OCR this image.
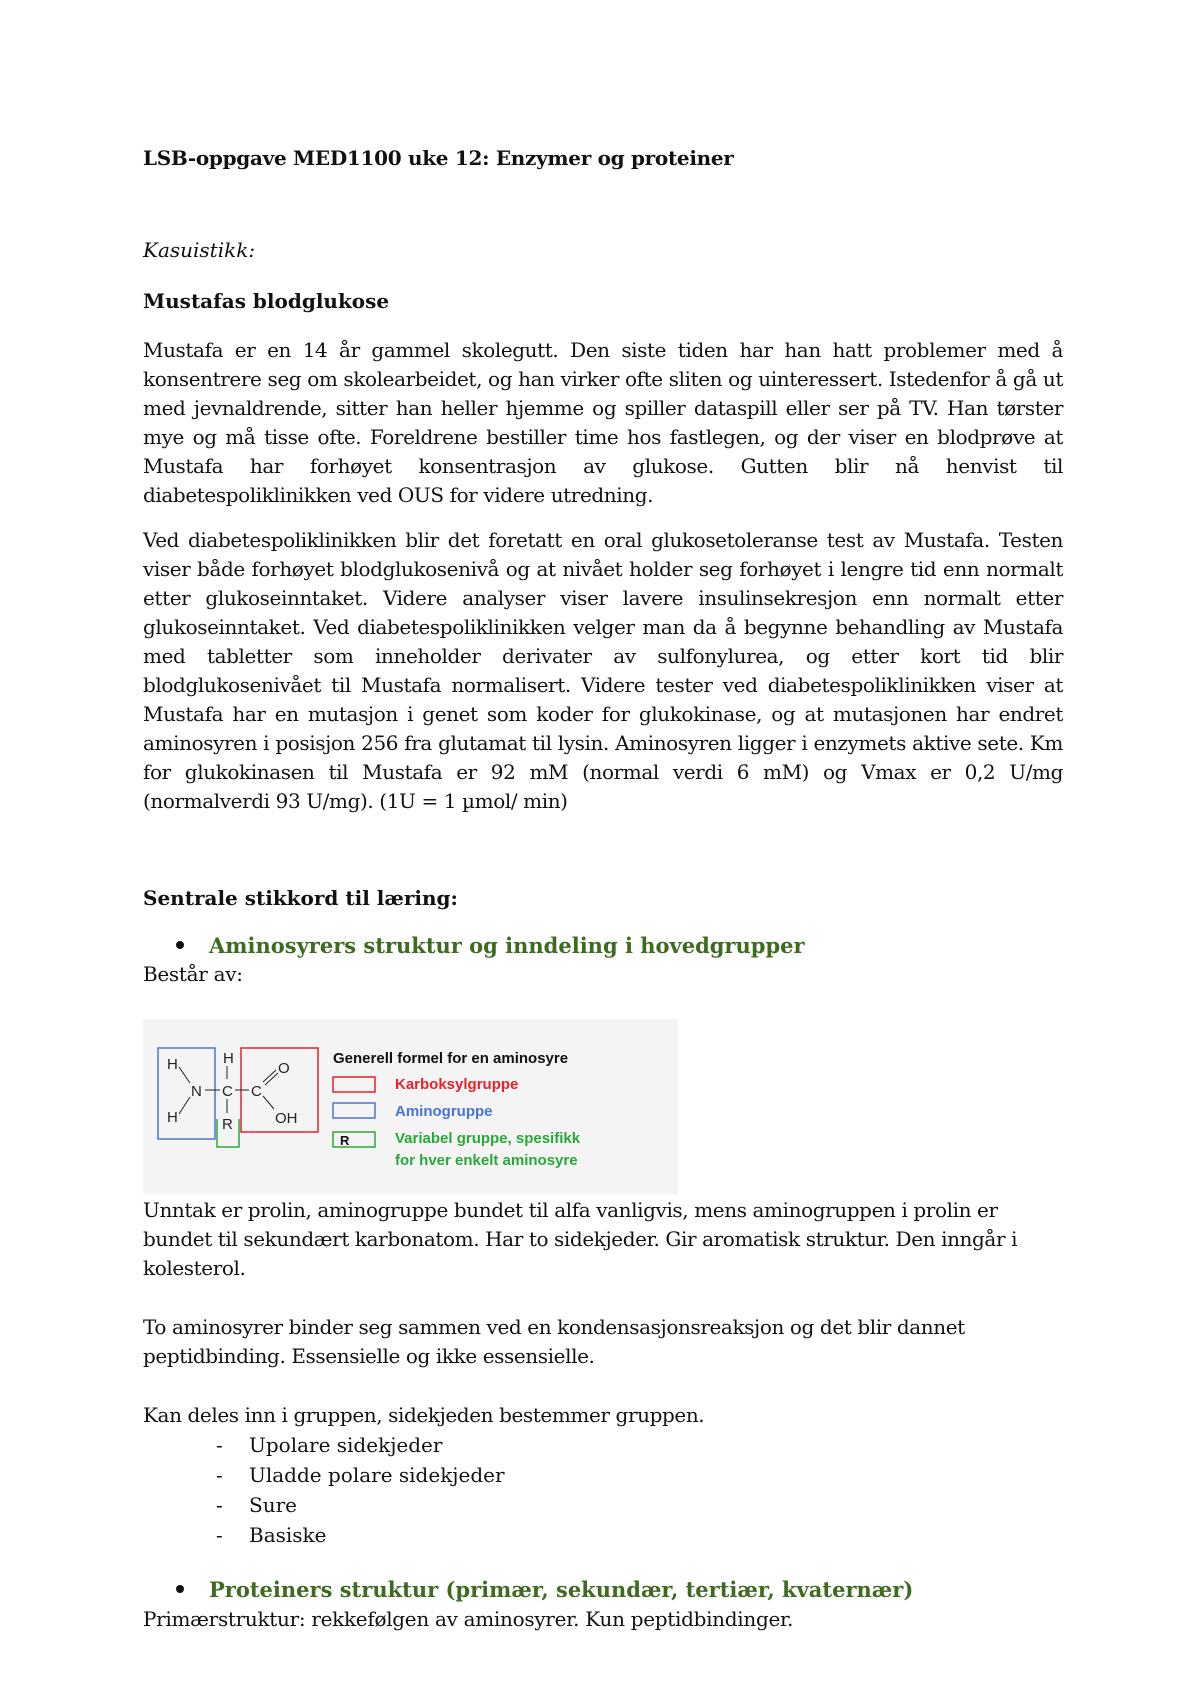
LSB-oppgave MED1100 uke 12: Enzymer og proteiner
Kasuistikk:
Mustafas blodglukose
Mustafa er en 14 år gammel skolegutt. Den siste tiden har han hatt problemer med å konsentrere seg om skolearbeidet, og han virker ofte sliten og uinteressert. Istedenfor å gå ut med jevnaldrende, sitter han heller hjemme og spiller dataspill eller ser på TV. Han tørster mye og må tisse ofte. Foreldrene bestiller time hos fastlegen, og der viser en blodprøve at Mustafa har forhøyet konsentrasjon av glukose. Gutten blir nå henvist til diabetespoliklinikken ved OUS for videre utredning.
Ved diabetespoliklinikken blir det foretatt en oral glukosetoleranse test av Mustafa. Testen viser både forhøyet blodglukosenivå og at nivået holder seg forhøyet i lengre tid enn normalt etter glukoseinntaket. Videre analyser viser lavere insulinsekresjon enn normalt etter glukoseinntaket. Ved diabetespoliklinikken velger man da å begynne behandling av Mustafa med tabletter som inneholder derivater av sulfonylurea, og etter kort tid blir blodglukosenivået til Mustafa normalisert. Videre tester ved diabetespoliklinikken viser at Mustafa har en mutasjon i genet som koder for glukokinase, og at mutasjonen har endret aminosyren i posisjon 256 fra glutamat til lysin. Aminosyren ligger i enzymets aktive sete. Km for glukokinasen til Mustafa er 92 mM (normal verdi 6 mM) og Vmax er 0,2 U/mg (normalverdi 93 U/mg). (1U = 1 µmol/ min)
Sentrale stikkord til læring:
Aminosyrers struktur og inndeling i hovedgrupper
Består av:
H
H
N
H
C
R
C
O
OH
Generell formel for en aminosyre
Karboksylgruppe
Aminogruppe
R	Variabel gruppe, spesifikk
for hver enkelt aminosyre
Unntak er prolin, aminogruppe bundet til alfa vanligvis, mens aminogruppen i prolin er bundet til sekundært karbonatom. Har to sidekjeder. Gir aromatisk struktur. Den inngår i kolesterol.
To aminosyrer binder seg sammen ved en kondensasjonsreaksjon og det blir dannet peptidbinding. Essensielle og ikke essensielle.
Kan deles inn i gruppen, sidekjeden bestemmer gruppen.
- Upolare sidekjeder
- Uladde polare sidekjeder
- Sure
- Basiske
Proteiners struktur (primær, sekundær, tertiær, kvaternær)
Primærstruktur: rekkefølgen av aminosyrer. Kun peptidbindinger.
